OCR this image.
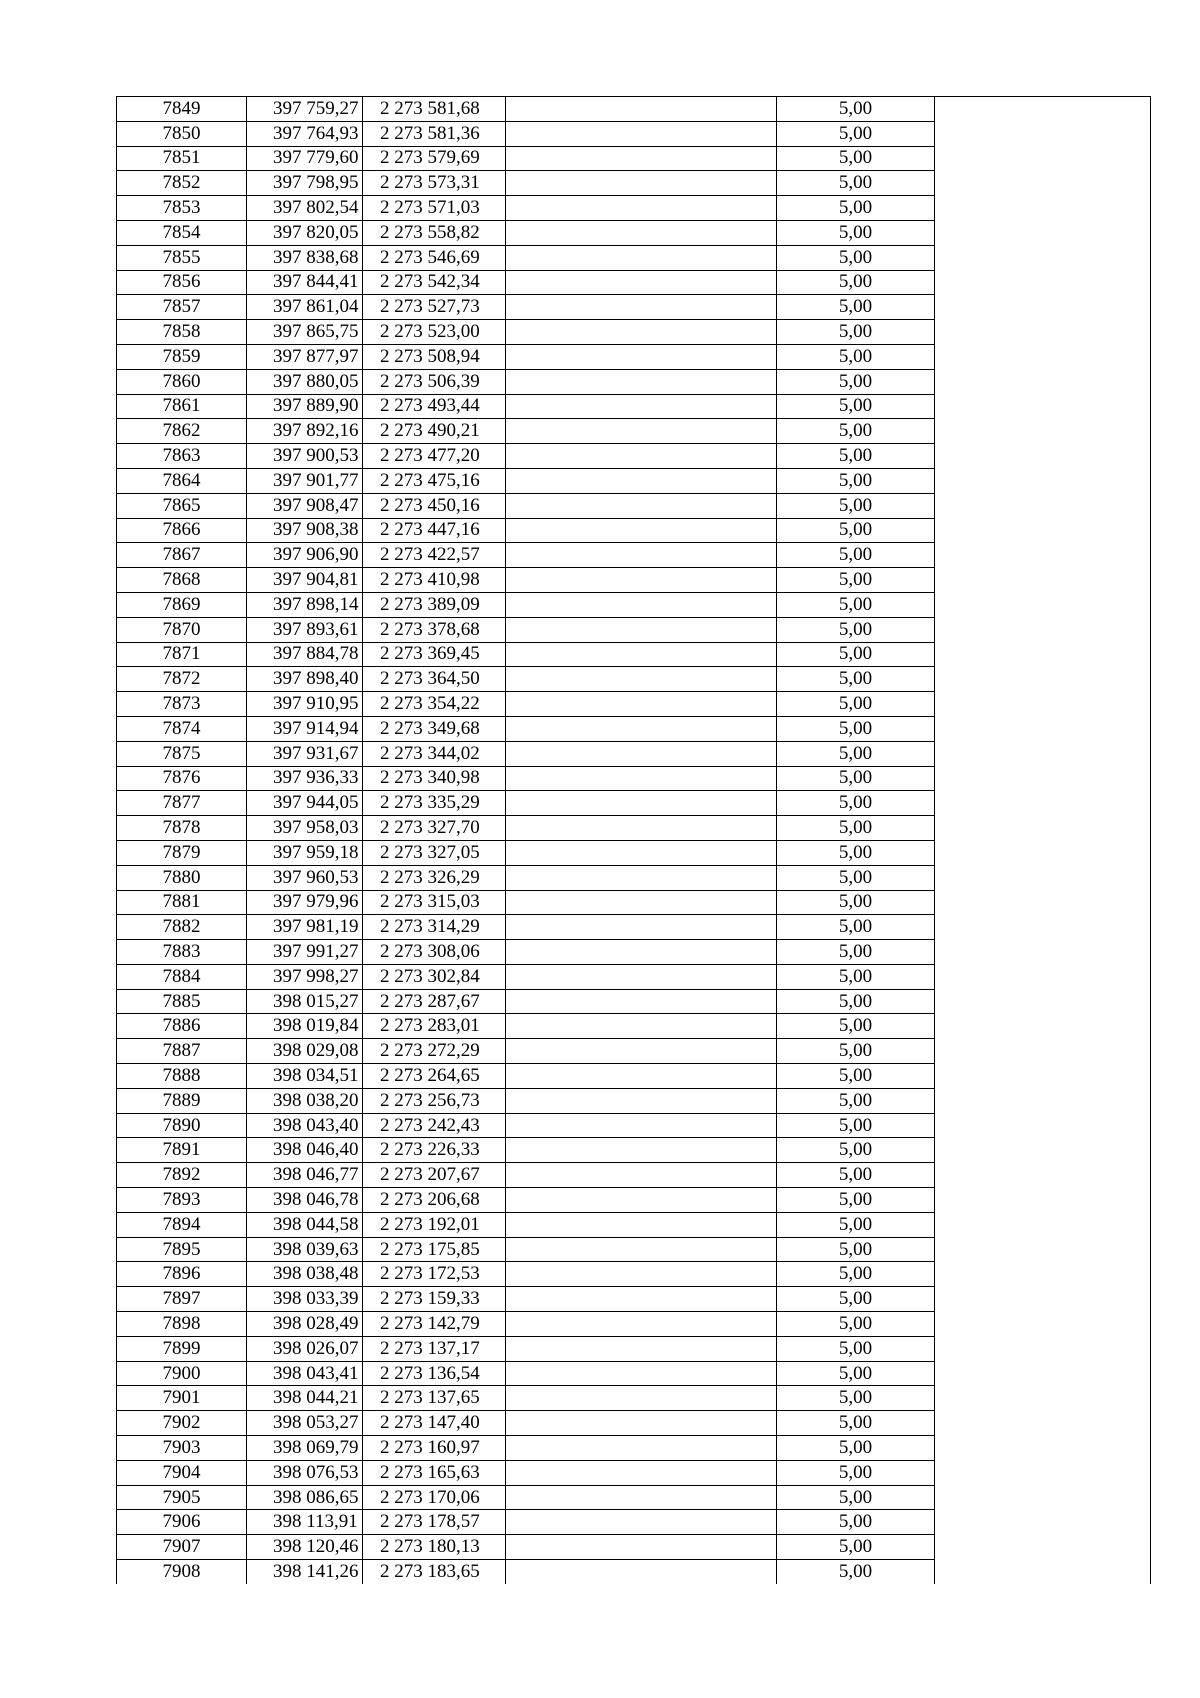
7849	397 759,27	2 273 581,68		5,00	
7850	397 764,93	2 273 581,36		5,00	
7851	397 779,60	2 273 579,69		5,00	
7852	397 798,95	2 273 573,31		5,00	
7853	397 802,54	2 273 571,03		5,00	
7854	397 820,05	2 273 558,82		5,00	
7855	397 838,68	2 273 546,69		5,00	
7856	397 844,41	2 273 542,34		5,00	
7857	397 861,04	2 273 527,73		5,00	
7858	397 865,75	2 273 523,00		5,00	
7859	397 877,97	2 273 508,94		5,00	
7860	397 880,05	2 273 506,39		5,00	
7861	397 889,90	2 273 493,44		5,00	
7862	397 892,16	2 273 490,21		5,00	
7863	397 900,53	2 273 477,20		5,00	
7864	397 901,77	2 273 475,16		5,00	
7865	397 908,47	2 273 450,16		5,00	
7866	397 908,38	2 273 447,16		5,00	
7867	397 906,90	2 273 422,57		5,00	
7868	397 904,81	2 273 410,98		5,00	
7869	397 898,14	2 273 389,09		5,00	
7870	397 893,61	2 273 378,68		5,00	
7871	397 884,78	2 273 369,45		5,00	
7872	397 898,40	2 273 364,50		5,00	
7873	397 910,95	2 273 354,22		5,00	
7874	397 914,94	2 273 349,68		5,00	
7875	397 931,67	2 273 344,02		5,00	
7876	397 936,33	2 273 340,98		5,00	
7877	397 944,05	2 273 335,29		5,00	
7878	397 958,03	2 273 327,70		5,00	
7879	397 959,18	2 273 327,05		5,00	
7880	397 960,53	2 273 326,29		5,00	
7881	397 979,96	2 273 315,03		5,00	
7882	397 981,19	2 273 314,29		5,00	
7883	397 991,27	2 273 308,06		5,00	
7884	397 998,27	2 273 302,84		5,00	
7885	398 015,27	2 273 287,67		5,00	
7886	398 019,84	2 273 283,01		5,00	
7887	398 029,08	2 273 272,29		5,00	
7888	398 034,51	2 273 264,65		5,00	
7889	398 038,20	2 273 256,73		5,00	
7890	398 043,40	2 273 242,43		5,00	
7891	398 046,40	2 273 226,33		5,00	
7892	398 046,77	2 273 207,67		5,00	
7893	398 046,78	2 273 206,68		5,00	
7894	398 044,58	2 273 192,01		5,00	
7895	398 039,63	2 273 175,85		5,00	
7896	398 038,48	2 273 172,53		5,00	
7897	398 033,39	2 273 159,33		5,00	
7898	398 028,49	2 273 142,79		5,00	
7899	398 026,07	2 273 137,17		5,00	
7900	398 043,41	2 273 136,54		5,00	
7901	398 044,21	2 273 137,65		5,00	
7902	398 053,27	2 273 147,40		5,00	
7903	398 069,79	2 273 160,97		5,00	
7904	398 076,53	2 273 165,63		5,00	
7905	398 086,65	2 273 170,06		5,00	
7906	398 113,91	2 273 178,57		5,00	
7907	398 120,46	2 273 180,13		5,00	
7908	398 141,26	2 273 183,65		5,00	
